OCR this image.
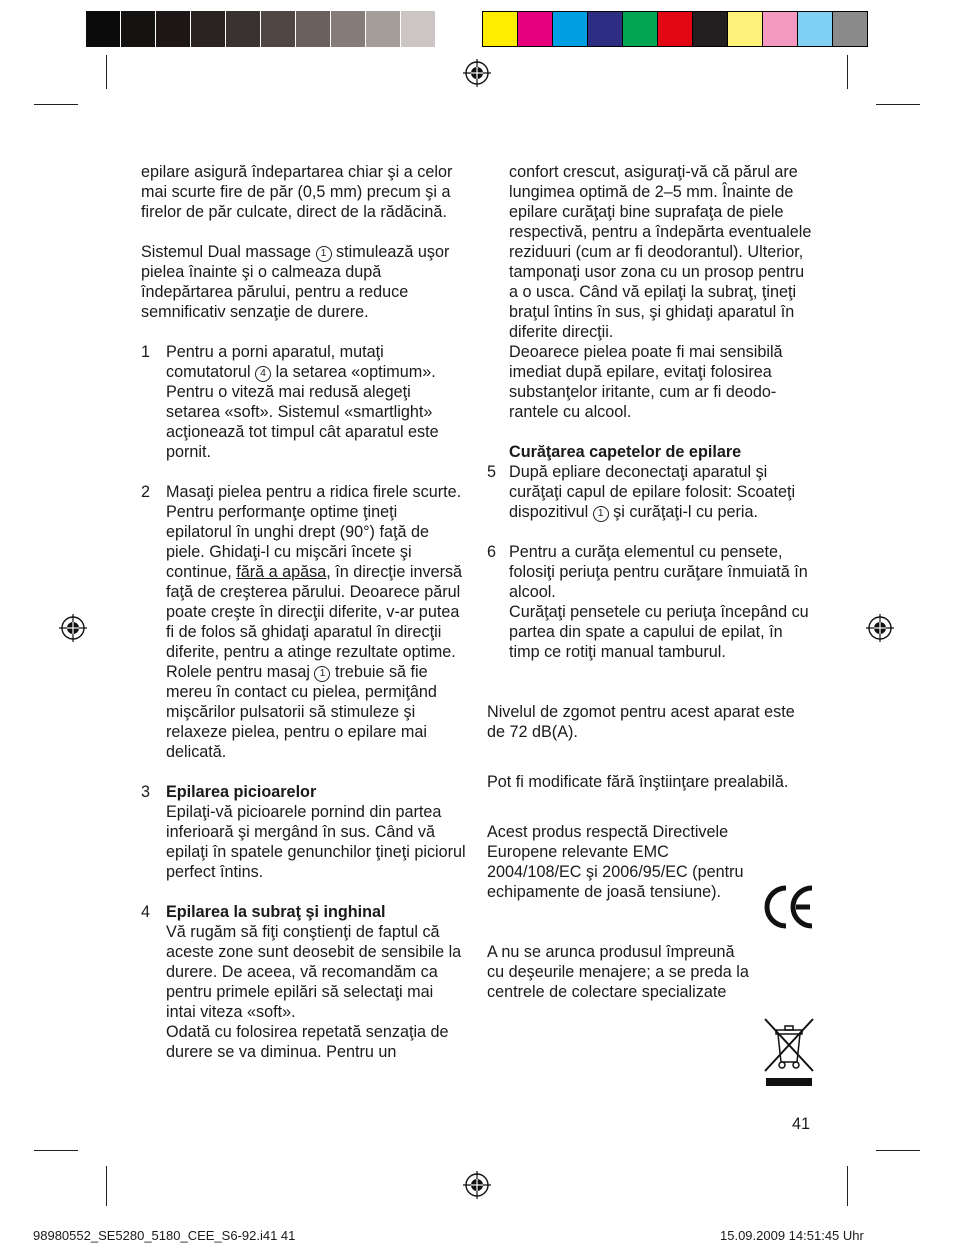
epilare asigură îndepartarea chiar şi a celor mai scurte fire de păr (0,5 mm) precum şi a firelor de păr culcate, direct de la rădăcină.

Sistemul Dual massage 1 stimulează uşor pielea înainte şi o calmeaza după îndepărtarea părului, pentru a reduce semnificativ senzaţie de durere.

1 Pentru a porni aparatul, mutaţi comutatorul 4 la setarea «optimum». Pentru o viteză mai redusă alegeţi setarea «soft». Sistemul «smartlight» acţionează tot timpul cât aparatul este pornit.

2 Masaţi pielea pentru a ridica firele scurte. Pentru performanţe optime ţineţi epilatorul în unghi drept (90°) faţă de piele. Ghidaţi-l cu mişcări încete şi continue, fără a apăsa, în direcţie inversă faţă de creşterea părului. Deoarece părul poate creşte în direcţii diferite, v-ar putea fi de folos să ghidaţi aparatul în direcţii diferite, pentru a atinge rezultate optime. Rolele pentru masaj 1 trebuie să fie mereu în contact cu pielea, permiţând mişcărilor pulsatorii să stimuleze şi relaxeze pielea, pentru o epilare mai delicată.

3 Epilarea picioarelor

Epilaţi-vă picioarele pornind din partea inferioară şi mergând în sus. Când vă epilaţi în spatele genunchilor ţineţi piciorul perfect întins.

4 Epilarea la subraţ şi inghinal

Vă rugăm să fiţi conştienţi de faptul că aceste zone sunt deosebit de sensibile la durere. De aceea, vă recomandăm ca pentru primele epilări să selectaţi mai intai viteza «soft».

Odată cu folosirea repetată senzaţia de durere se va diminua. Pentru un

confort crescut, asiguraţi-vă că părul are lungimea optimă de 2–5 mm. Înainte de epilare curăţaţi bine suprafaţa de piele respectivă, pentru a îndepărta eventualele reziduuri (cum ar fi deodorantul). Ulterior, tamponaţi usor zona cu un prosop pentru a o usca. Când vă epilaţi la subraţ, ţineţi braţul întins în sus, şi ghidaţi aparatul în diferite direcţii.

Deoarece pielea poate fi mai sensibilă imediat după epilare, evitaţi folosirea substanţelor iritante, cum ar fi deodo- rantele cu alcool.

Curăţarea capetelor de epilare

5 După epliare deconectaţi aparatul şi curăţaţi capul de epilare folosit: Scoateţi dispozitivul 1 şi curăţaţi-l cu peria.

6 Pentru a curăţa elementul cu pensete, folosiţi periuţa pentru curăţare înmuiată în alcool.

Curăţaţi pensetele cu periuţa începând cu partea din spate a capului de epilat, în timp ce rotiţi manual tamburul.

Nivelul de zgomot pentru acest aparat este de 72 dB(A).

Pot fi modificate fără înştiinţare prealabilă.

Acest produs respectă Directivele Europene relevante EMC 2004/108/EC şi 2006/95/EC (pentru echipamente de joasă tensiune).

A nu se arunca produsul împreună cu deşeurile menajere; a se preda la centrele de colectare specializate

41
98980552_SE5280_5180_CEE_S6-92.i41 41	15.09.2009 14:51:45 Uhr
